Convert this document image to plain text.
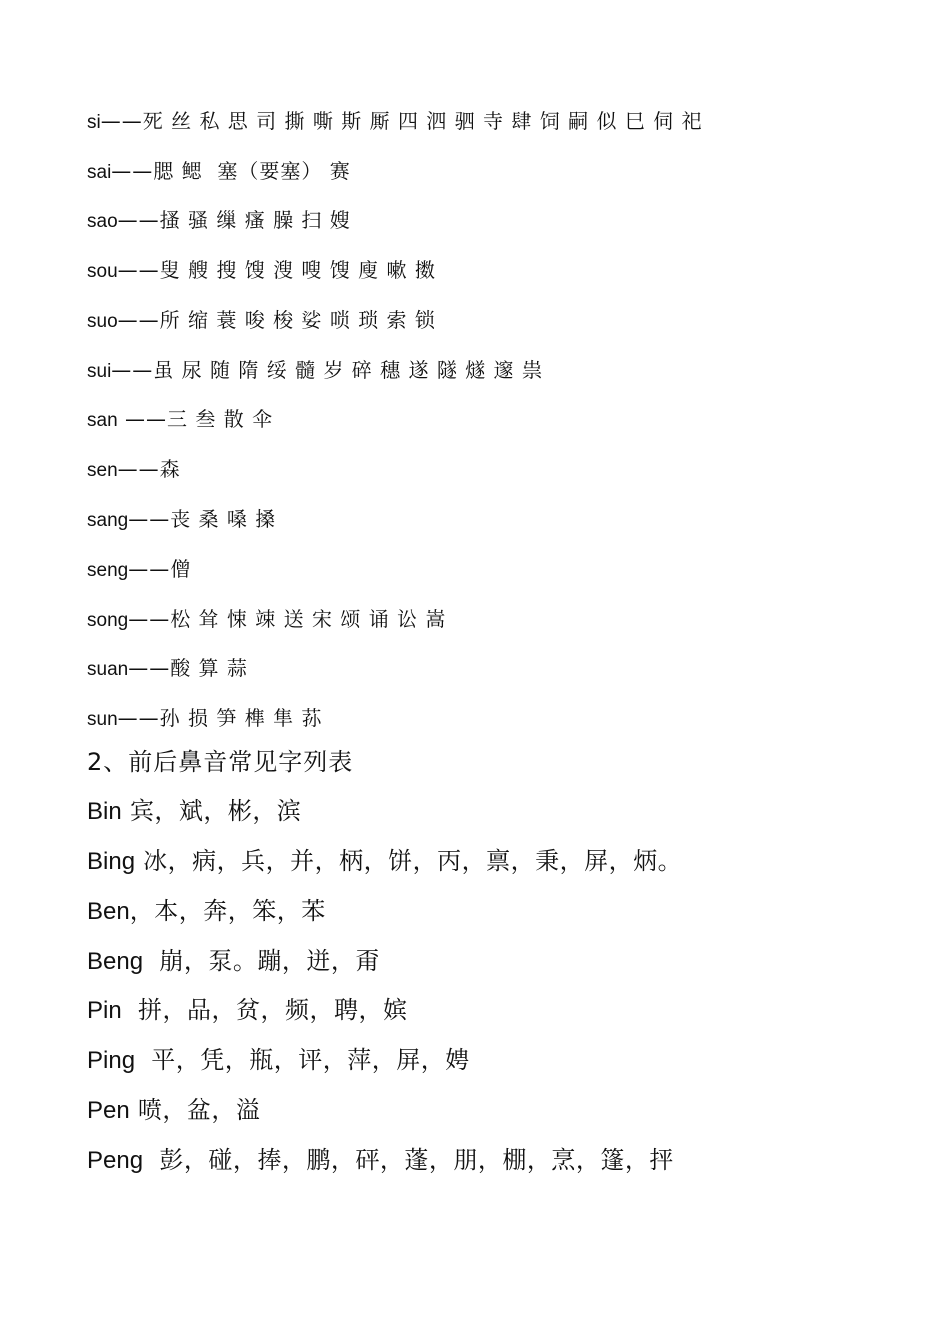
si——死 丝 私 思 司 撕 嘶 斯 厮 四 泗 驷 寺 肆 饲 嗣 似 巳 伺 祀
sai——腮 鳃  塞（要塞） 赛
sao——搔 骚 缫 瘙 臊 扫 嫂
sou——叟 艘 搜 馊 溲 嗖 馊 廋 嗽 擞
suo——所 缩 蓑 唆 梭 娑 唢 琐 索 锁
sui——虽 尿 随 隋 绥 髓 岁 碎 穗 遂 隧 燧 邃 祟
san ——三 叁 散 伞
sen——森
sang——丧 桑 嗓 搡
seng——僧
song——松 耸 悚 竦 送 宋 颂 诵 讼 嵩
suan——酸 算 蒜
sun——孙 损 笋 榫 隼 荪
2、前后鼻音常见字列表
Bin 宾，斌，彬，滨
Bing 冰，病，兵，并，柄，饼，丙，禀，秉，屏，炳。
Ben，本，奔，笨，苯
Beng  崩，泵。蹦，迸，甭
Pin  拼，品，贫，频，聘，嫔
Ping  平，凭，瓶，评，萍，屏，娉
Pen 喷，盆，溢
Peng  彭，碰，捧，鹏，砰，蓬，朋，棚，烹，篷，抨
